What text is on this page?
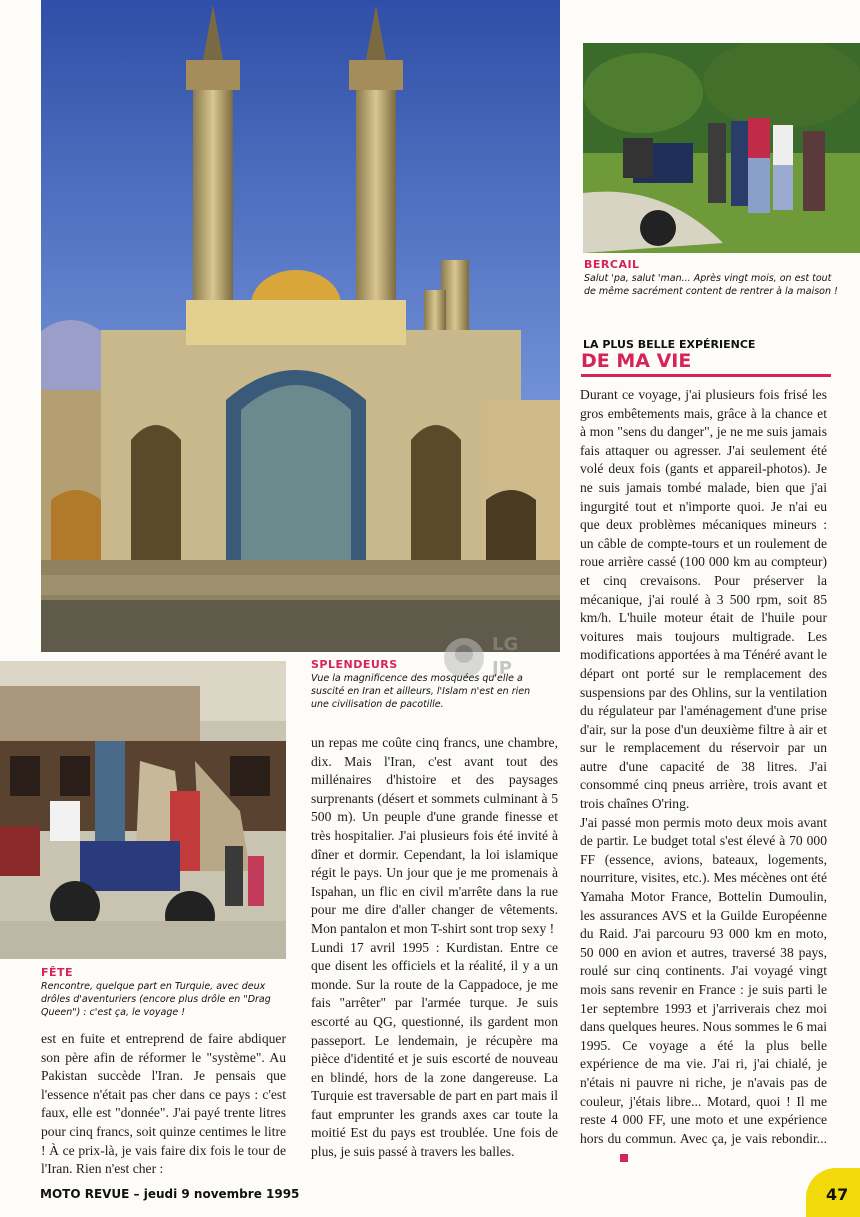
LG
JP
BERCAIL
Salut 'pa, salut 'man... Après vingt mois, on est tout de même sacrément content de rentrer à la maison !
SPLENDEURS
Vue la magnificence des mosquées qu'elle a suscité en Iran et ailleurs, l'Islam n'est en rien une civilisation de pacotille.
FÊTE
Rencontre, quelque part en Turquie, avec deux drôles d'aventuriers (encore plus drôle en "Drag Queen") : c'est ça, le voyage !
LA PLUS BELLE EXPÉRIENCE
DE MA VIE

est en fuite et entreprend de faire abdiquer son père afin de réformer le "système". Au Pakistan succède l'Iran. Je pensais que l'essence n'était pas cher dans ce pays : c'est faux, elle est "donnée". J'ai payé trente litres pour cinq francs, soit quinze centimes le litre ! À ce prix-là, je vais faire dix fois le tour de l'Iran. Rien n'est cher :

un repas me coûte cinq francs, une chambre, dix. Mais l'Iran, c'est avant tout des millénaires d'histoire et des paysages surprenants (désert et sommets culminant à 5 500 m). Un peuple d'une grande finesse et très hospitalier. J'ai plusieurs fois été invité à dîner et dormir. Cependant, la loi islamique régit le pays. Un jour que je me promenais à Ispahan, un flic en civil m'arrête dans la rue pour me dire d'aller changer de vêtements. Mon pantalon et mon T-shirt sont trop sexy !

Lundi 17 avril 1995 : Kurdistan. Entre ce que disent les officiels et la réalité, il y a un monde. Sur la route de la Cappadoce, je me fais "arrêter" par l'armée turque. Je suis escorté au QG, questionné, ils gardent mon passeport. Le lendemain, je récupère ma pièce d'identité et je suis escorté de nouveau en blindé, hors de la zone dangereuse. La Turquie est traversable de part en part mais il faut emprunter les grands axes car toute la moitié Est du pays est troublée. Une fois de plus, je suis passé à travers les balles.

Durant ce voyage, j'ai plusieurs fois frisé les gros embêtements mais, grâce à la chance et à mon "sens du danger", je ne me suis jamais fais attaquer ou agresser. J'ai seulement été volé deux fois (gants et appareil-photos). Je ne suis jamais tombé malade, bien que j'ai ingurgité tout et n'importe quoi. Je n'ai eu que deux problèmes mécaniques mineurs : un câble de compte-tours et un roulement de roue arrière cassé (100 000 km au compteur) et cinq crevaisons. Pour préserver la mécanique, j'ai roulé à 3 500 rpm, soit 85 km/h. L'huile moteur était de l'huile pour voitures mais toujours multigrade. Les modifications apportées à ma Ténéré avant le départ ont porté sur le remplacement des suspensions par des Ohlins, sur la ventilation du régulateur par l'aménagement d'une prise d'air, sur la pose d'un deuxième filtre à air et sur le remplacement du réservoir par un autre d'une capacité de 38 litres. J'ai consommé cinq pneus arrière, trois avant et trois chaînes O'ring.

J'ai passé mon permis moto deux mois avant de partir. Le budget total s'est élevé à 70 000 FF (essence, avions, bateaux, logements, nourriture, visites, etc.). Mes mécènes ont été Yamaha Motor France, Bottelin Dumoulin, les assurances AVS et la Guilde Européenne du Raid. J'ai parcouru 93 000 km en moto, 50 000 en avion et autres, traversé 38 pays, roulé sur cinq continents. J'ai voyagé vingt mois sans revenir en France : je suis parti le 1er septembre 1993 et j'arriverais chez moi dans quelques heures. Nous sommes le 6 mai 1995. Ce voyage a été la plus belle expérience de ma vie. J'ai ri, j'ai chialé, je n'étais ni pauvre ni riche, je n'avais pas de couleur, j'étais libre... Motard, quoi ! Il me reste 4 000 FF, une moto et une expérience hors du commun. Avec ça, je vais rebondir...

MOTO REVUE – jeudi 9 novembre 1995	47
